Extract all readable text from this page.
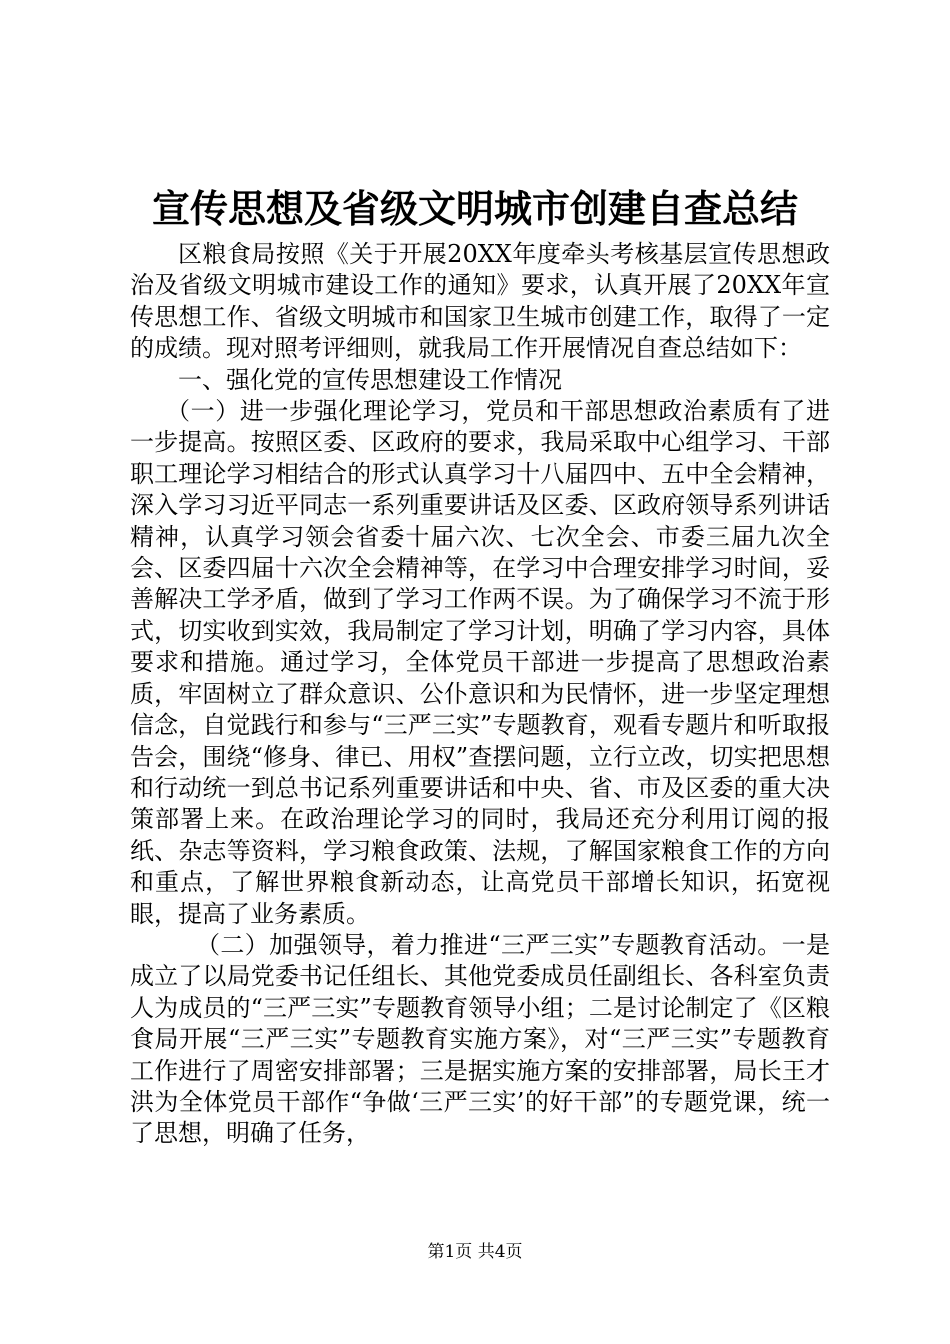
宣传思想及省级文明城市创建自查总结

区粮食局按照《关于开展20XX年度牵头考核基层宣传思想政治及省级文明城市建设工作的通知》要求，认真开展了20XX年宣传思想工作、省级文明城市和国家卫生城市创建工作，取得了一定的成绩。现对照考评细则，就我局工作开展情况自查总结如下：

一、强化党的宣传思想建设工作情况

（一）进一步强化理论学习，党员和干部思想政治素质有了进一步提高。按照区委、区政府的要求，我局采取中心组学习、干部职工理论学习相结合的形式认真学习十八届四中、五中全会精神，深入学习习近平同志一系列重要讲话及区委、区政府领导系列讲话精神，认真学习领会省委十届六次、七次全会、市委三届九次全会、区委四届十六次全会精神等，在学习中合理安排学习时间，妥善解决工学矛盾，做到了学习工作两不误。为了确保学习不流于形式，切实收到实效，我局制定了学习计划，明确了学习内容，具体要求和措施。通过学习，全体党员干部进一步提高了思想政治素质，牢固树立了群众意识、公仆意识和为民情怀，进一步坚定理想信念，自觉践行和参与“三严三实”专题教育，观看专题片和听取报告会，围绕“修身、律已、用权”查摆问题，立行立改，切实把思想和行动统一到总书记系列重要讲话和中央、省、市及区委的重大决策部署上来。在政治理论学习的同时，我局还充分利用订阅的报纸、杂志等资料，学习粮食政策、法规，了解国家粮食工作的方向和重点，了解世界粮食新动态，让高党员干部增长知识，拓宽视眼，提高了业务素质。

（二）加强领导，着力推进“三严三实”专题教育活动。一是成立了以局党委书记任组长、其他党委成员任副组长、各科室负责人为成员的“三严三实”专题教育领导小组；二是讨论制定了《区粮食局开展“三严三实”专题教育实施方案》，对“三严三实”专题教育工作进行了周密安排部署；三是据实施方案的安排部署，局长王才洪为全体党员干部作“争做‘三严三实’的好干部”的专题党课，统一了思想，明确了任务，

第1页 共4页
